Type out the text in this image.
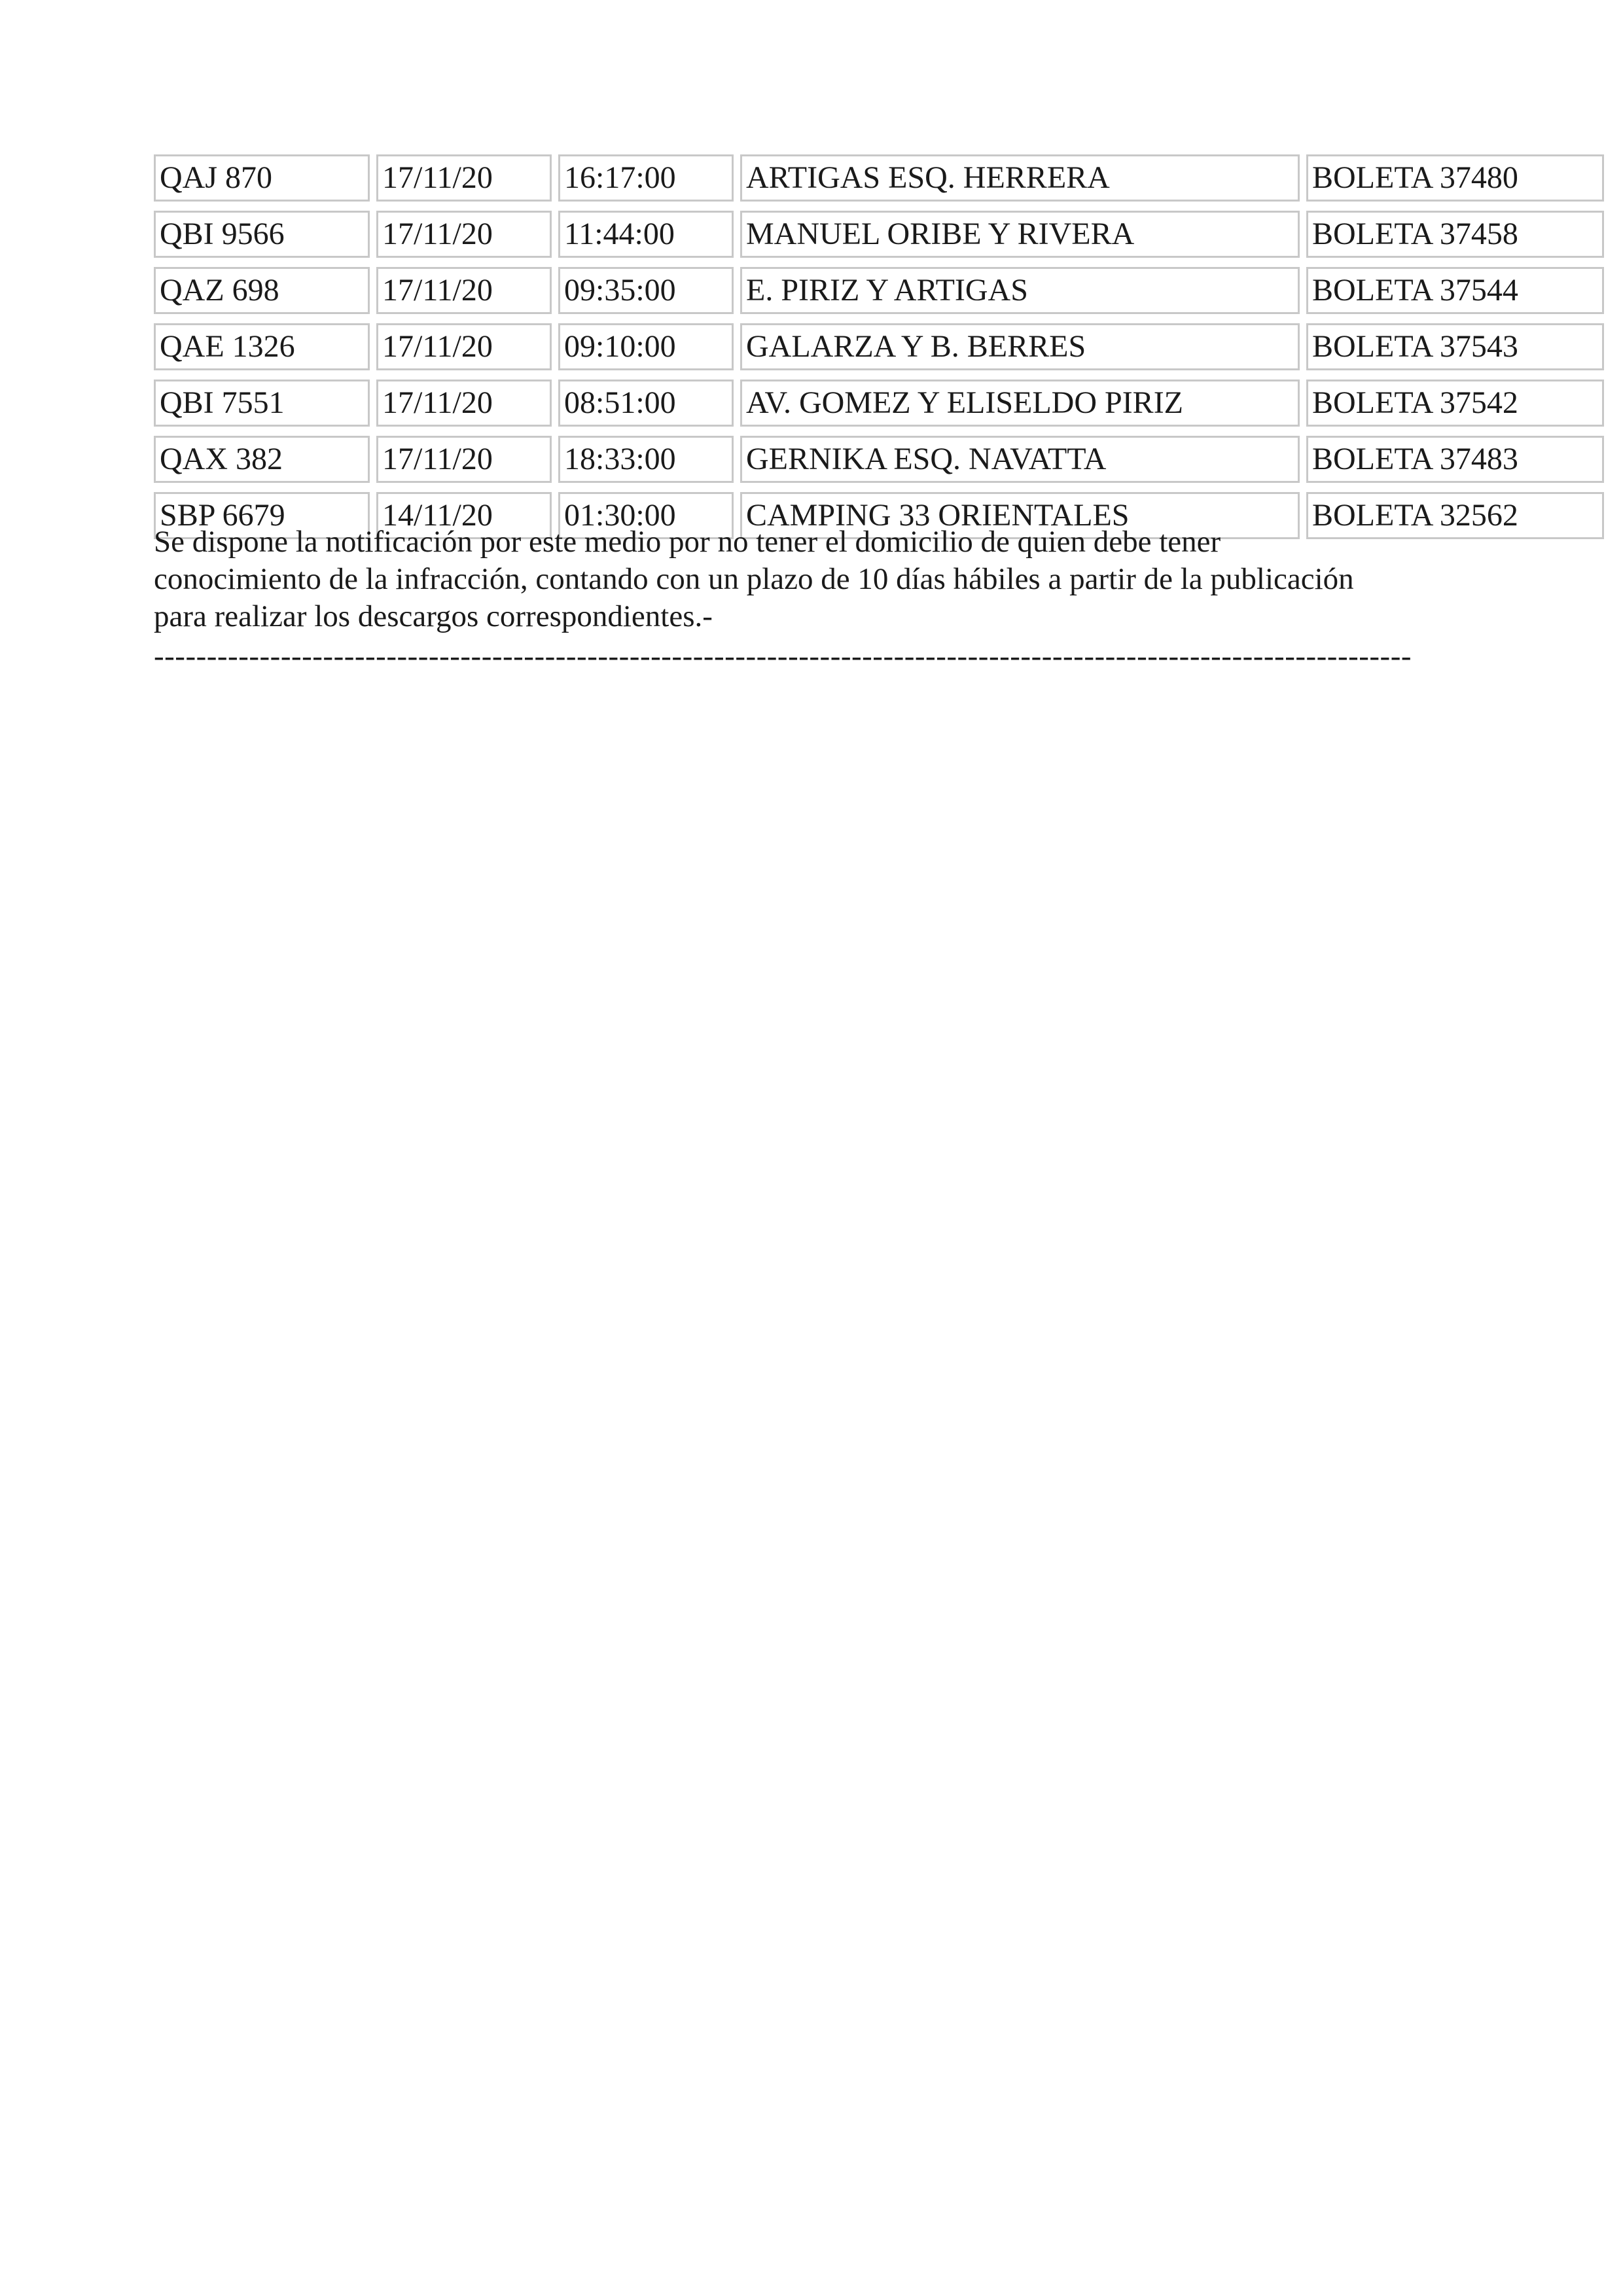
QAJ 870	17/11/20	16:17:00	ARTIGAS ESQ. HERRERA	BOLETA 37480

QBI 9566	17/11/20	11:44:00	MANUEL ORIBE Y RIVERA	BOLETA 37458

QAZ 698	17/11/20	09:35:00	E. PIRIZ Y ARTIGAS	BOLETA 37544

QAE 1326	17/11/20	09:10:00	GALARZA Y B. BERRES	BOLETA 37543

QBI 7551	17/11/20	08:51:00	AV. GOMEZ Y ELISELDO PIRIZ	BOLETA 37542

QAX 382	17/11/20	18:33:00	GERNIKA ESQ. NAVATTA	BOLETA 37483

SBP 6679	14/11/20	01:30:00	CAMPING 33 ORIENTALES	BOLETA 32562

Se dispone la notificación por este medio por no tener el domicilio de quien debe tener
conocimiento de la infracción, contando con un plazo de 10 días hábiles a partir de la publicación
para realizar los descargos correspondientes.-

-----------------------------------------------------------------------------------------------------------------------
